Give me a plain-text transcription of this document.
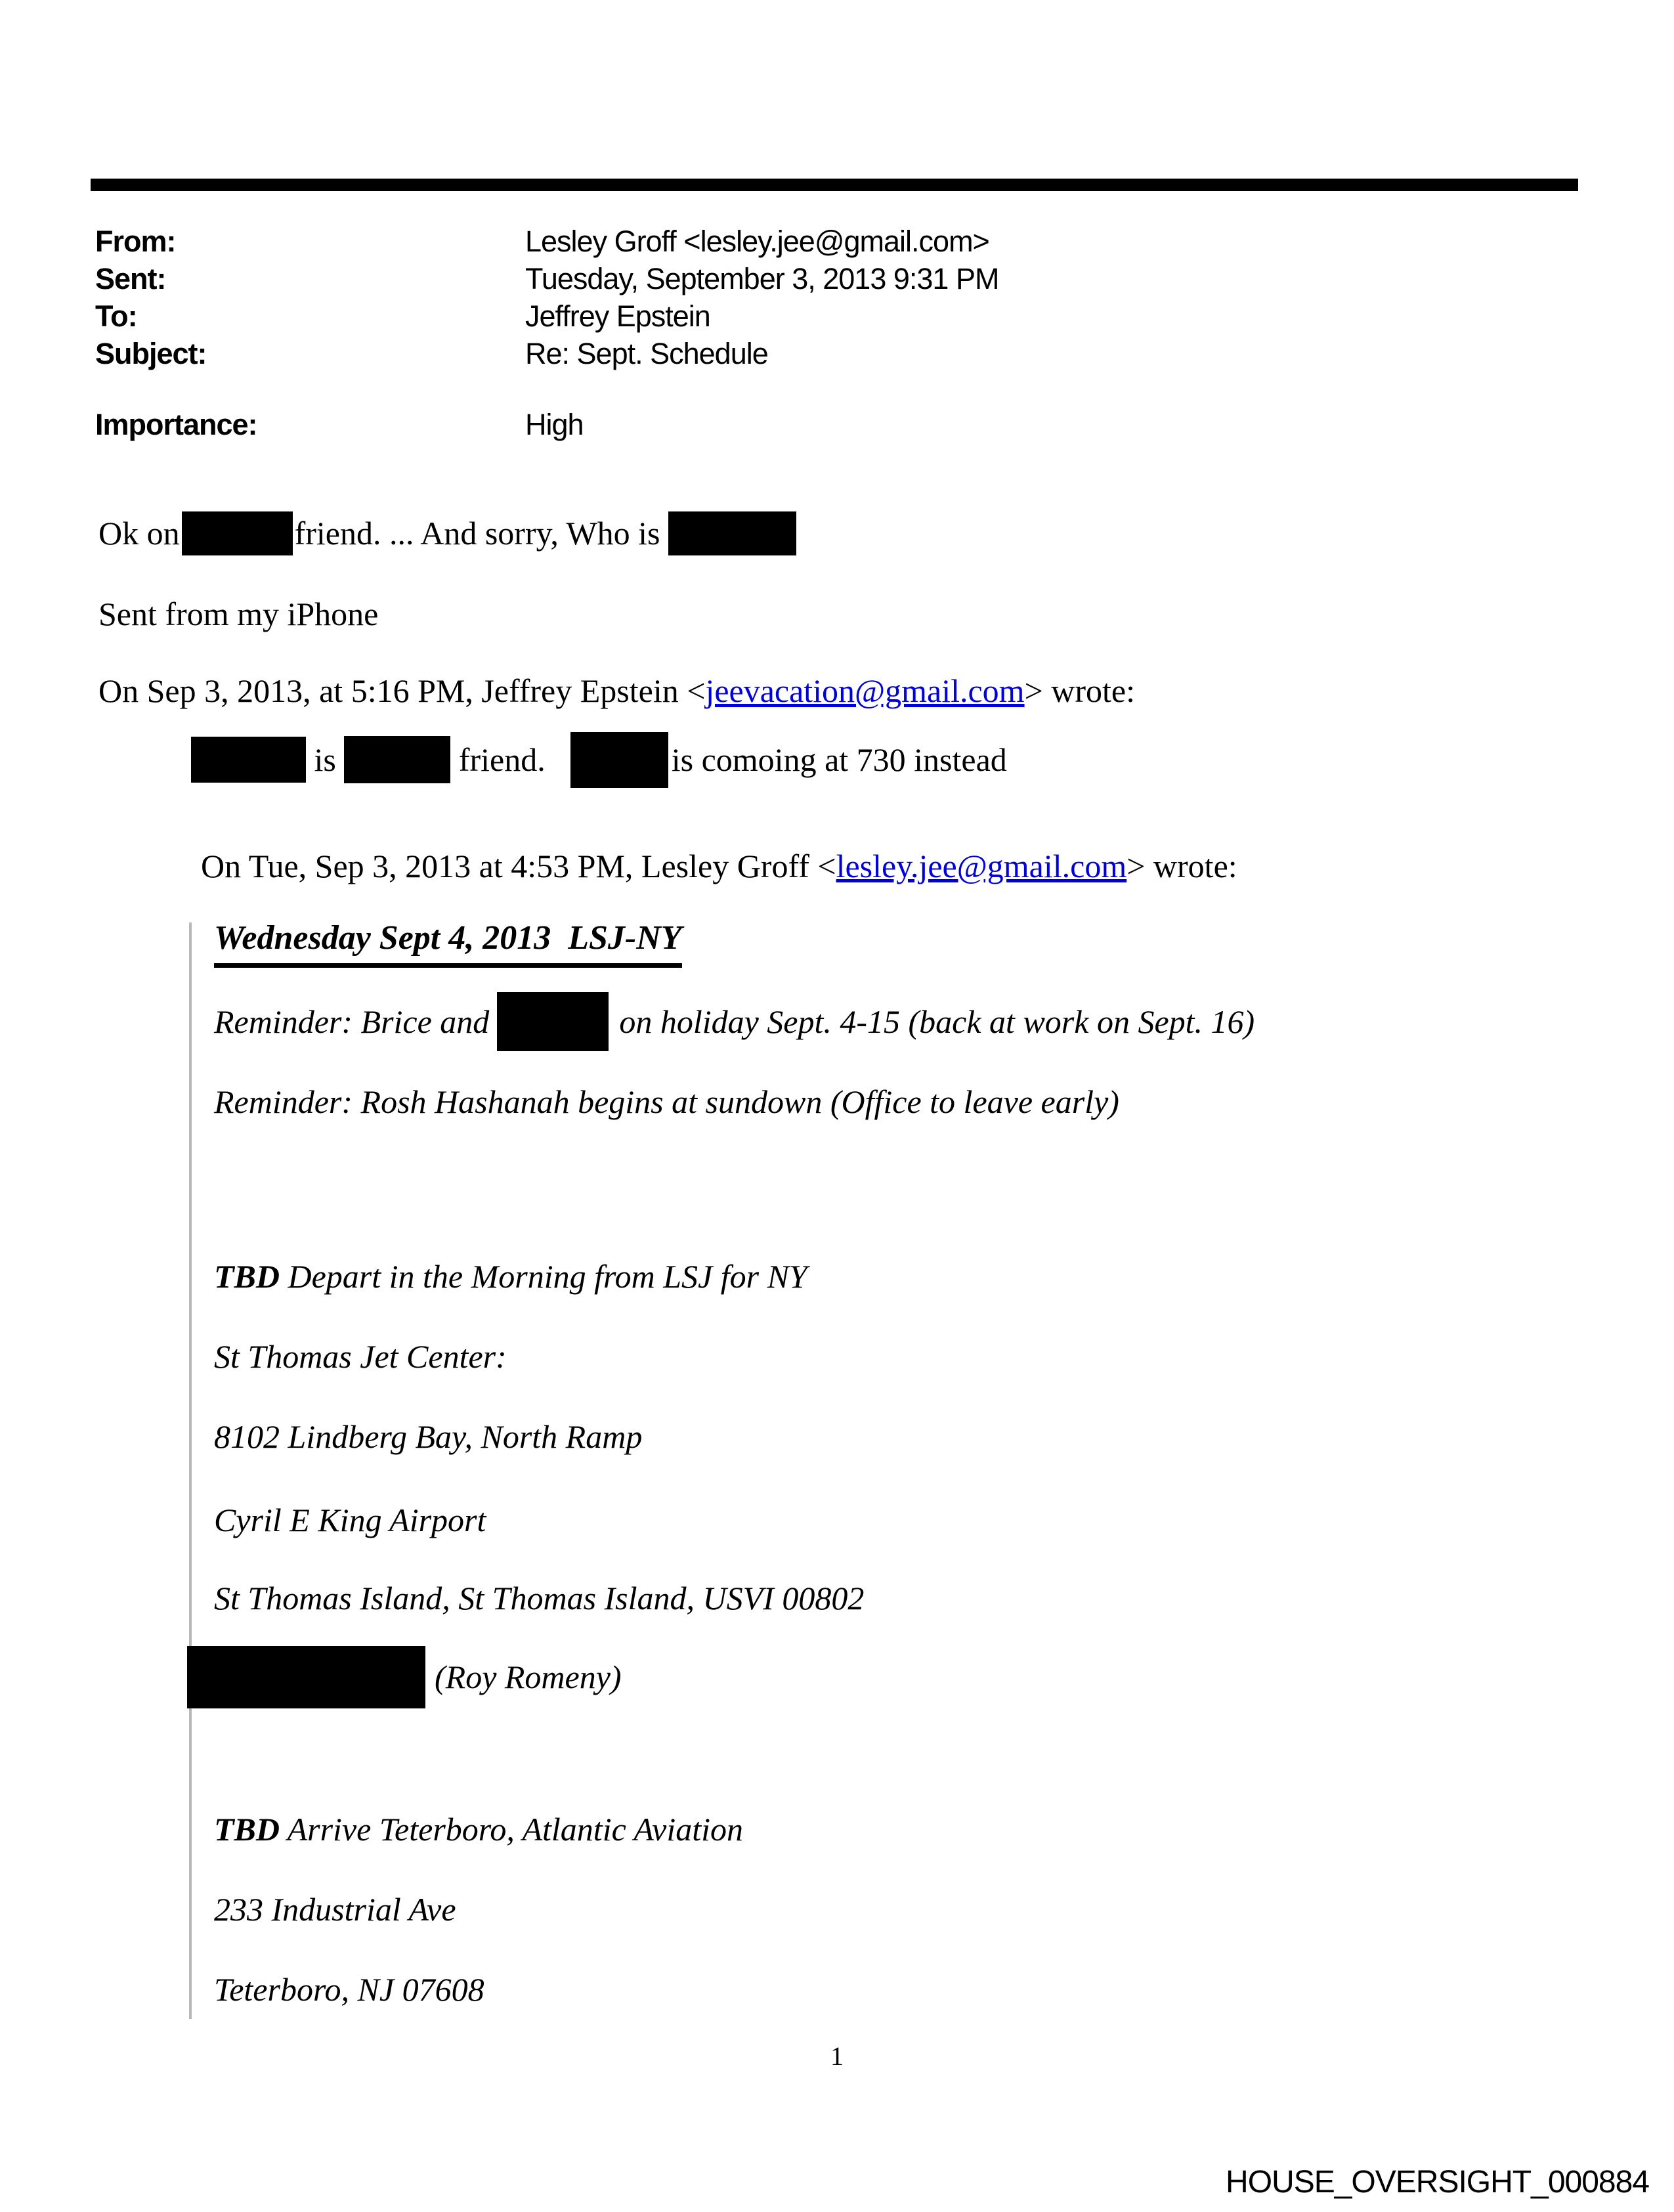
From:	Lesley Groff <lesley.jee@gmail.com>
Sent:	Tuesday, September 3, 2013 9:31 PM
To:	Jeffrey Epstein
Subject:	Re: Sept. Schedule
Importance:	High
Ok on	friend. ... And sorry, Who is
Sent from my iPhone
On Sep 3, 2013, at 5:16 PM, Jeffrey Epstein < jeevacation@gmail.com > wrote:
is	friend.	is comoing at 730 instead
On Tue, Sep 3, 2013 at 4:53 PM, Lesley Groff < lesley.jee@gmail.com > wrote:
Wednesday Sept 4, 2013  LSJ-NY
Reminder: Brice and	on holiday Sept. 4-15 (back at work on Sept. 16)
Reminder: Rosh Hashanah begins at sundown (Office to leave early)
TBD Depart in the Morning from LSJ for NY
St Thomas Jet Center:
8102 Lindberg Bay, North Ramp
Cyril E King Airport
St Thomas Island, St Thomas Island, USVI 00802
(Roy Romeny)
TBD Arrive Teterboro, Atlantic Aviation
233 Industrial Ave
Teterboro, NJ 07608
1
HOUSE_OVERSIGHT_000884
